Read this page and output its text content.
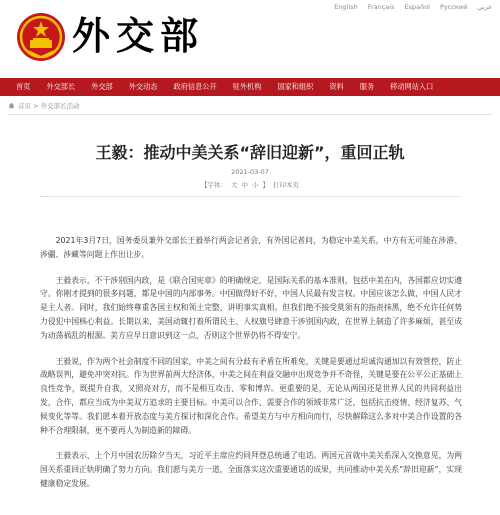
外交部
English Français Español Русский عربي
首页	外交部长	外交部	外交动态	政府信息公开	驻外机构	国家和组织	资料	服务	移动网站入口
首页 > 外交部长活动
王毅：推动中美关系“辞旧迎新”，重回正轨
2021-03-07
【字体： 大 中 小 】 打印本页

2021年3月7日，国务委员兼外交部长王毅举行两会记者会，有外国记者问，为稳定中美关系，中方有无可能在涉港、涉疆、涉藏等问题上作出让步。

王毅表示，不干涉别国内政，是《联合国宪章》的明确规定，是国际关系的基本准则，包括中美在内，各国都应切实遵守。你刚才提到的很多问题，都是中国的内部事务。中国做得好不好，中国人民最有发言权。中国应该怎么做，中国人民才是主人者。同时，我们始终尊重各国主权和领土完整，讲明事实真相。但我们绝不接受莫须有的指责抹黑，绝不允许任何势力侵犯中国核心利益。长期以来，美国动辄打着所谓民主、人权旗号肆意干涉别国内政，在世界上制造了许多麻烦，甚至成为动荡祸乱的根源。美方应早日意识到这一点，否则这个世界仍将不得安宁。

王毅说，作为两个社会制度不同的国家，中美之间有分歧有矛盾在所难免，关键是要通过坦诚沟通加以有效管控，防止战略误判，避免冲突对抗。作为世界前两大经济体，中美之间在利益交融中出现竞争并不奇怪，关键是要在公平公正基础上良性竞争，既提升自我，又照亮对方，而不是相互攻击、零和博弈。更重要的是，无论从两国还是世界人民的共同利益出发，合作，都应当成为中美双方追求的主要目标。中美可以合作、需要合作的领域非常广泛，包括抗击疫情、经济复苏、气候变化等等。我们愿本着开放态度与美方探讨和深化合作。希望美方与中方相向而行，尽快解除这么多对中美合作设置的各种不合理限制，更不要再人为制造新的障碍。

王毅表示，上个月中国农历除夕当天，习近平主席应约同拜登总统通了电话。两国元首就中美关系深入交换意见，为两国关系重回正轨明确了努力方向。我们愿与美方一道，全面落实这次重要通话的成果，共同推动中美关系“辞旧迎新”，实现健康稳定发展。
